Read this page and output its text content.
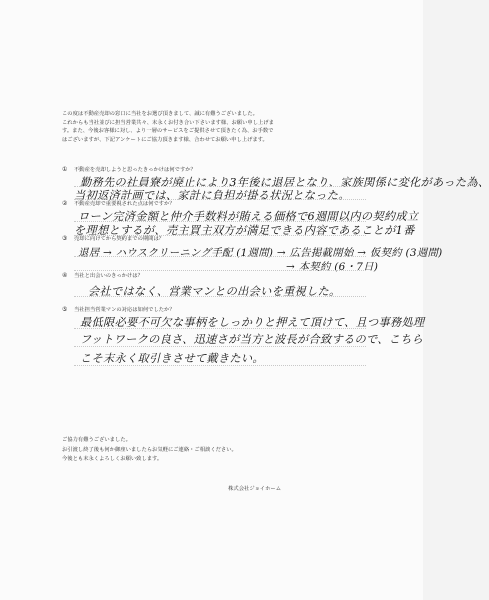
この度は不動産売却の窓口に当社をお選び頂きまして、誠に有難うございました。
これからも当社並びに担当営業共々、末永くお付き合い下さいます様、お願い申し上げま
す。また、今後お客様に対し、より一層のサービスをご提供させて頂きたく為、お手数で
はございますが、下記アンケートにご協力頂きます様、合わせてお願い申し上げます。
① 不動産を売却しようと思ったきっかけは何ですか？
勤務先の社員寮が廃止により3年後に退居となり、家族関係に変化があった為、
当初返済計画では、家計に負担が掛る状況となった。
② 不動産売却で重要視された点は何ですか？
ローン完済金額と仲介手数料が賄える価格で6週間以内の契約成立
を理想とするが、売主買主双方が満足できる内容であることが1番
③ 売却に向けてから契約までの期間は？
退居 → ハウスクリーニング手配 (1週間) → 広告掲載開始 → 仮契約 (3週間)
→ 本契約 (6・7日)
④ 当社と出会いのきっかけは？
会社ではなく、営業マンとの出会いを重視した。
⑤ 当社担当営業マンの対応は如何でしたか？
最低限必要不可欠な事柄をしっかりと押えて頂けて、且つ事務処理
フットワークの良さ、迅速さが当方と波長が合致するので、こちら
こそ末永く取引きさせて戴きたい。
ご協力有難うございました。
お引渡し終了後も何か御座いましたらお気軽にご連絡・ご相談ください。
今後とも末永くよろしくお願い致します。
株式会社ジョイホーム
